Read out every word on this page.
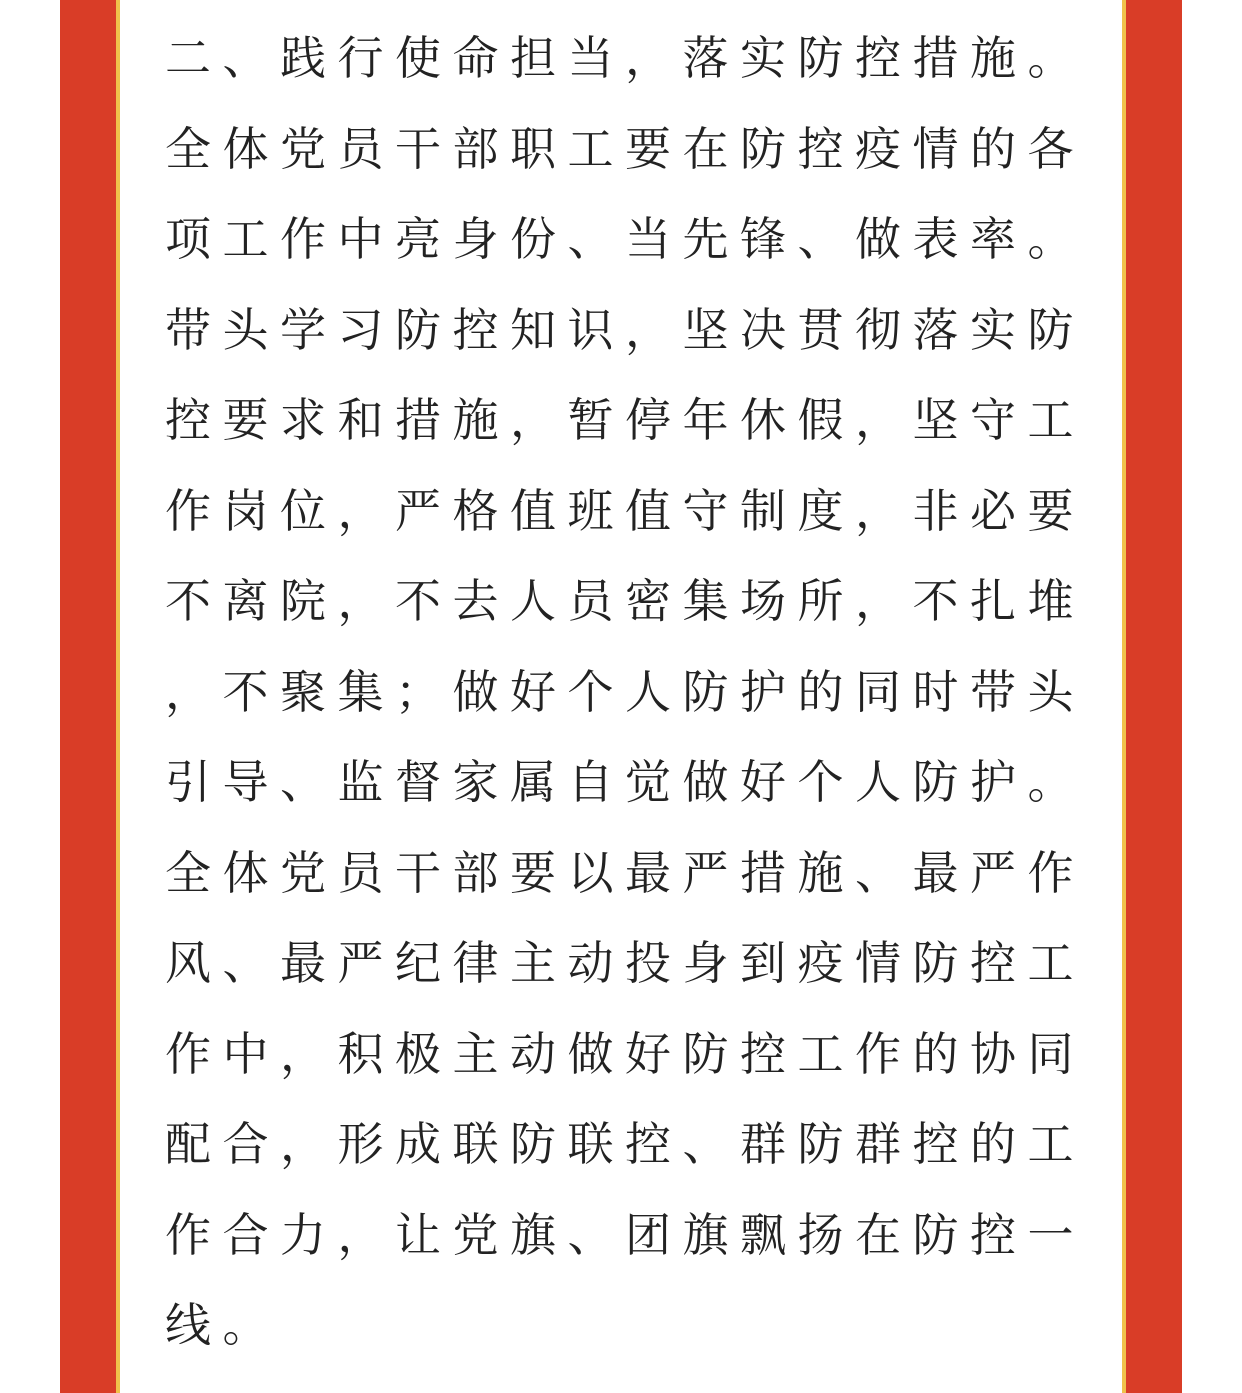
二、践行使命担当，落实防控措施。
全体党员干部职工要在防控疫情的各
项工作中亮身份、当先锋、做表率。
带头学习防控知识，坚决贯彻落实防
控要求和措施，暂停年休假，坚守工
作岗位，严格值班值守制度，非必要
不离院，不去人员密集场所，不扎堆
，不聚集；做好个人防护的同时带头
引导、监督家属自觉做好个人防护。
全体党员干部要以最严措施、最严作
风、最严纪律主动投身到疫情防控工
作中，积极主动做好防控工作的协同
配合，形成联防联控、群防群控的工
作合力，让党旗、团旗飘扬在防控一
线。
